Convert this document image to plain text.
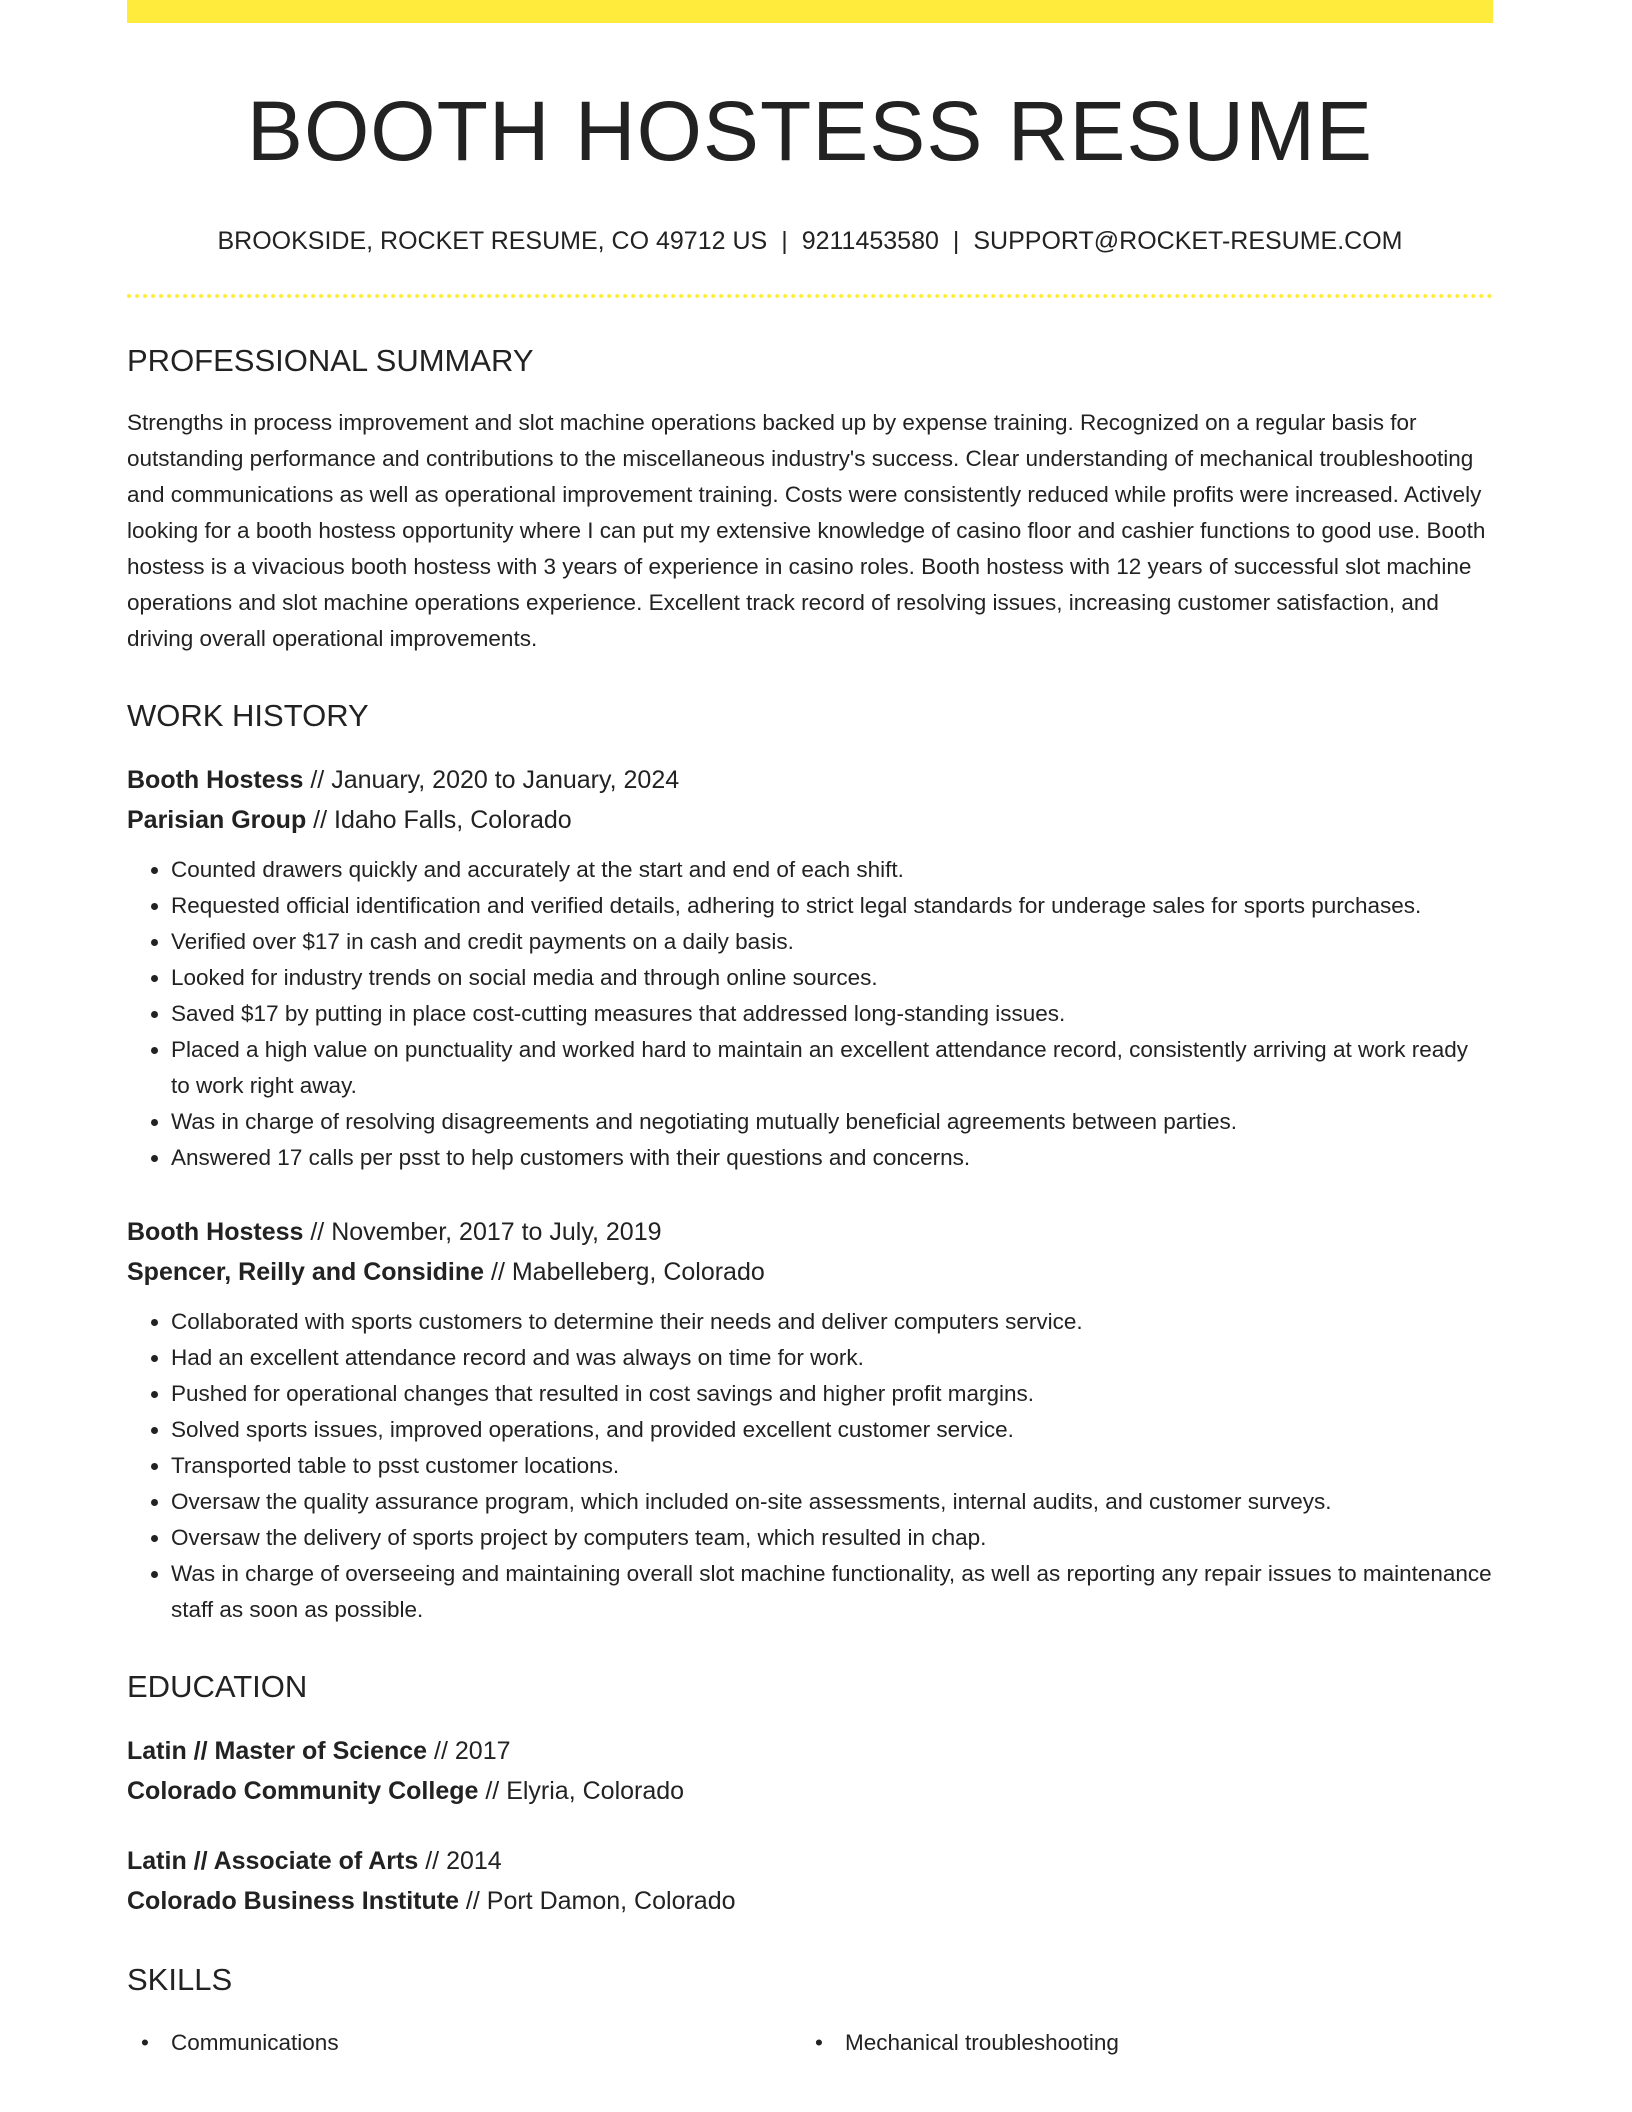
BOOTH HOSTESS RESUME
BROOKSIDE, ROCKET RESUME, CO 49712 US | 9211453580 | SUPPORT@ROCKET-RESUME.COM
PROFESSIONAL SUMMARY
Strengths in process improvement and slot machine operations backed up by expense training. Recognized on a regular basis for outstanding performance and contributions to the miscellaneous industry's success. Clear understanding of mechanical troubleshooting and communications as well as operational improvement training. Costs were consistently reduced while profits were increased. Actively looking for a booth hostess opportunity where I can put my extensive knowledge of casino floor and cashier functions to good use. Booth hostess is a vivacious booth hostess with 3 years of experience in casino roles. Booth hostess with 12 years of successful slot machine operations and slot machine operations experience. Excellent track record of resolving issues, increasing customer satisfaction, and driving overall operational improvements.
WORK HISTORY
Booth Hostess // January, 2020 to January, 2024
Parisian Group // Idaho Falls, Colorado
• Counted drawers quickly and accurately at the start and end of each shift.
• Requested official identification and verified details, adhering to strict legal standards for underage sales for sports purchases.
• Verified over $17 in cash and credit payments on a daily basis.
• Looked for industry trends on social media and through online sources.
• Saved $17 by putting in place cost-cutting measures that addressed long-standing issues.
• Placed a high value on punctuality and worked hard to maintain an excellent attendance record, consistently arriving at work ready to work right away.
• Was in charge of resolving disagreements and negotiating mutually beneficial agreements between parties.
• Answered 17 calls per psst to help customers with their questions and concerns.
Booth Hostess // November, 2017 to July, 2019
Spencer, Reilly and Considine // Mabelleberg, Colorado
• Collaborated with sports customers to determine their needs and deliver computers service.
• Had an excellent attendance record and was always on time for work.
• Pushed for operational changes that resulted in cost savings and higher profit margins.
• Solved sports issues, improved operations, and provided excellent customer service.
• Transported table to psst customer locations.
• Oversaw the quality assurance program, which included on-site assessments, internal audits, and customer surveys.
• Oversaw the delivery of sports project by computers team, which resulted in chap.
• Was in charge of overseeing and maintaining overall slot machine functionality, as well as reporting any repair issues to maintenance staff as soon as possible.
EDUCATION
Latin // Master of Science // 2017
Colorado Community College // Elyria, Colorado
Latin // Associate of Arts // 2014
Colorado Business Institute // Port Damon, Colorado
SKILLS
• Communications
•	Mechanical troubleshooting
